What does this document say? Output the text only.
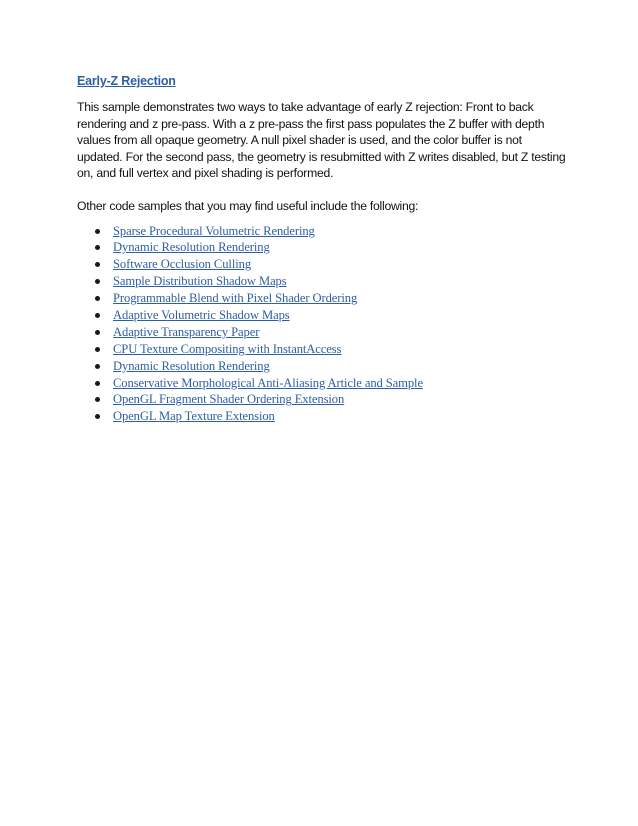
Early-Z Rejection

This sample demonstrates two ways to take advantage of early Z rejection: Front to back rendering and z pre-pass. With a z pre-pass the first pass populates the Z buffer with depth values from all opaque geometry. A null pixel shader is used, and the color buffer is not updated. For the second pass, the geometry is resubmitted with Z writes disabled, but Z testing on, and full vertex and pixel shading is performed.

Other code samples that you may find useful include the following:

Sparse Procedural Volumetric Rendering
Dynamic Resolution Rendering
Software Occlusion Culling
Sample Distribution Shadow Maps
Programmable Blend with Pixel Shader Ordering
Adaptive Volumetric Shadow Maps
Adaptive Transparency Paper
CPU Texture Compositing with InstantAccess
Dynamic Resolution Rendering
Conservative Morphological Anti-Aliasing Article and Sample
OpenGL Fragment Shader Ordering Extension
OpenGL Map Texture Extension
